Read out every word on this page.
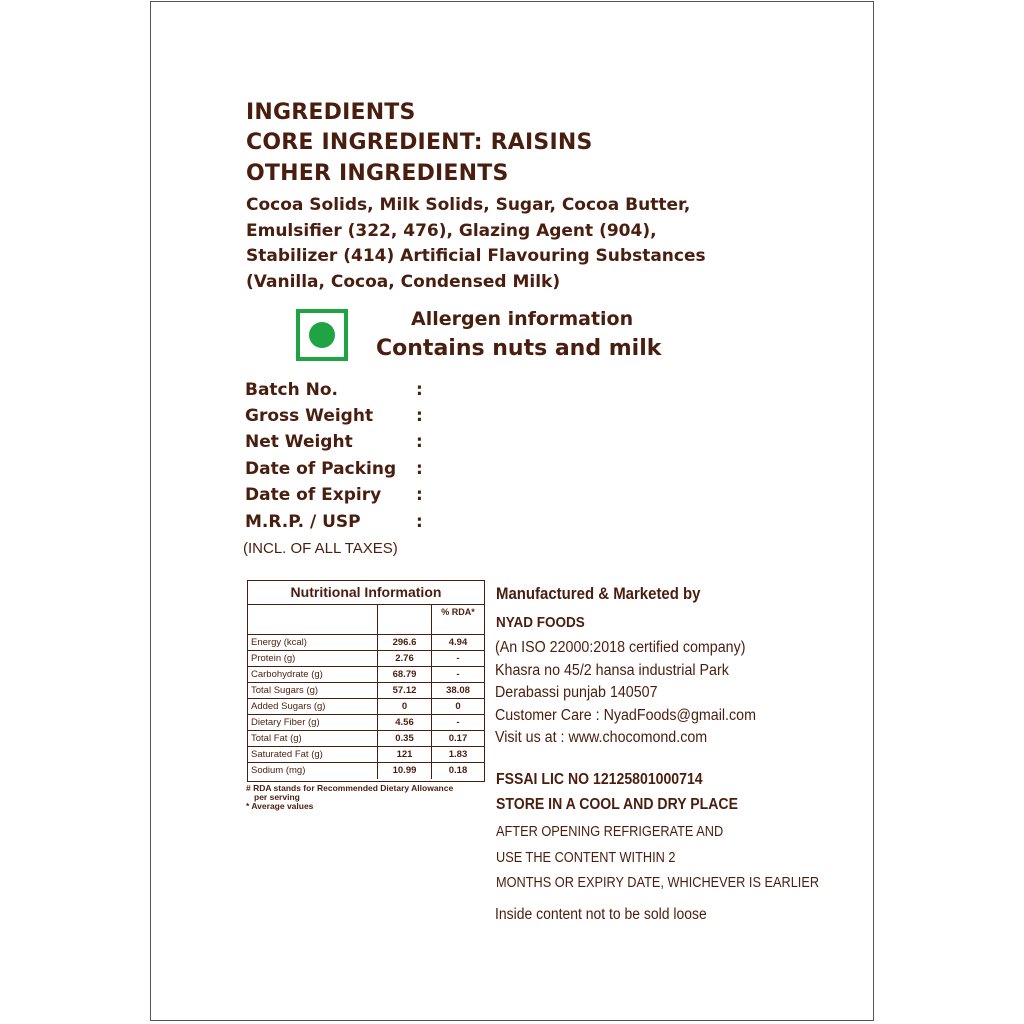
INGREDIENTS
CORE INGREDIENT: RAISINS
OTHER INGREDIENTS
Cocoa Solids, Milk Solids, Sugar, Cocoa Butter,
Emulsifier (322, 476), Glazing Agent (904),
Stabilizer (414) Artificial Flavouring Substances
(Vanilla, Cocoa, Condensed Milk)
Allergen information
Contains nuts and milk
Batch No.	:
Gross Weight	:
Net Weight	:
Date of Packing :
Date of Expiry :
M.R.P. / USP	:
(INCL. OF ALL TAXES)
Nutritional Information
% RDA*
Energy (kcal)	296.6	4.94
Protein (g)	2.76	-
Carbohydrate (g)	68.79	-
Total Sugars (g)	57.12	38.08
Added Sugars (g)	0	0
Dietary Fiber (g)	4.56	-
Total Fat (g)	0.35	0.17
Saturated Fat (g)	121	1.83
Sodium (mg)	10.99	0.18
# RDA stands for Recommended Dietary Allowance
per serving
* Average values
Manufactured & Marketed by
NYAD FOODS
(An ISO 22000:2018 certified company)
Khasra no 45/2 hansa industrial Park
Derabassi punjab 140507
Customer Care : NyadFoods@gmail.com
Visit us at : www.chocomond.com
FSSAI LIC NO 12125801000714
STORE IN A COOL AND DRY PLACE
AFTER OPENING REFRIGERATE AND
USE THE CONTENT WITHIN 2
MONTHS OR EXPIRY DATE, WHICHEVER IS EARLIER
Inside content not to be sold loose
